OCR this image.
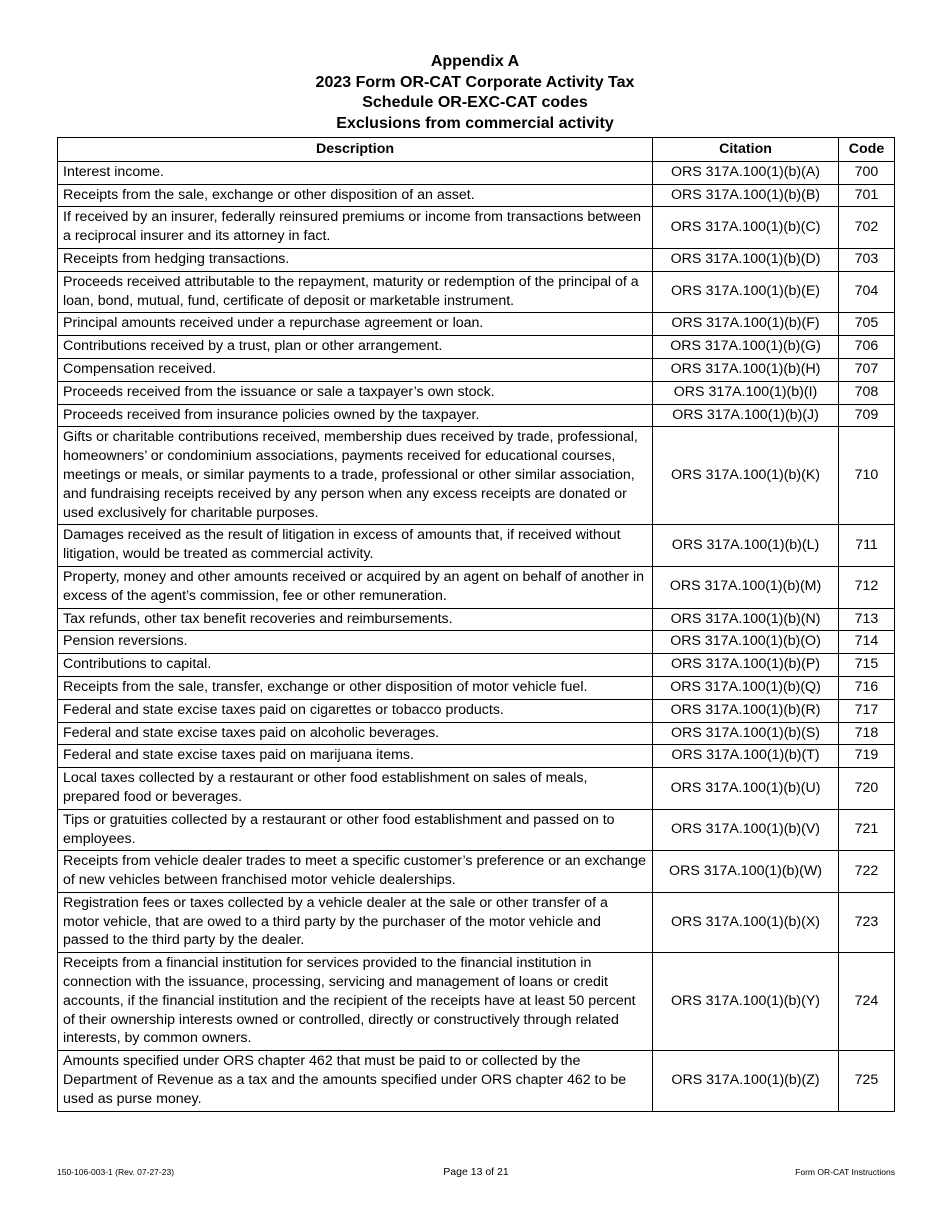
Appendix A
2023 Form OR-CAT Corporate Activity Tax
Schedule OR-EXC-CAT codes
Exclusions from commercial activity
Description	Citation	Code
Interest income.	ORS 317A.100(1)(b)(A)	700
Receipts from the sale, exchange or other disposition of an asset.	ORS 317A.100(1)(b)(B)	701
If received by an insurer, federally reinsured premiums or income from transactions between a reciprocal insurer and its attorney in fact.	ORS 317A.100(1)(b)(C)	702
Receipts from hedging transactions.	ORS 317A.100(1)(b)(D)	703
Proceeds received attributable to the repayment, maturity or redemption of the principal of a loan, bond, mutual, fund, certificate of deposit or marketable instrument.	ORS 317A.100(1)(b)(E)	704
Principal amounts received under a repurchase agreement or loan.	ORS 317A.100(1)(b)(F)	705
Contributions received by a trust, plan or other arrangement.	ORS 317A.100(1)(b)(G)	706
Compensation received.	ORS 317A.100(1)(b)(H)	707
Proceeds received from the issuance or sale a taxpayer’s own stock.	ORS 317A.100(1)(b)(I)	708
Proceeds received from insurance policies owned by the taxpayer.	ORS 317A.100(1)(b)(J)	709
Gifts or charitable contributions received, membership dues received by trade, professional, homeowners’ or condominium associations, payments received for educational courses, meetings or meals, or similar payments to a trade, professional or other similar association, and fundraising receipts received by any person when any excess receipts are donated or used exclusively for charitable purposes.	ORS 317A.100(1)(b)(K)	710
Damages received as the result of litigation in excess of amounts that, if received without litigation, would be treated as commercial activity.	ORS 317A.100(1)(b)(L)	711
Property, money and other amounts received or acquired by an agent on behalf of another in excess of the agent’s commission, fee or other remuneration.	ORS 317A.100(1)(b)(M)	712
Tax refunds, other tax benefit recoveries and reimbursements.	ORS 317A.100(1)(b)(N)	713
Pension reversions.	ORS 317A.100(1)(b)(O)	714
Contributions to capital.	ORS 317A.100(1)(b)(P)	715
Receipts from the sale, transfer, exchange or other disposition of motor vehicle fuel.	ORS 317A.100(1)(b)(Q)	716
Federal and state excise taxes paid on cigarettes or tobacco products.	ORS 317A.100(1)(b)(R)	717
Federal and state excise taxes paid on alcoholic beverages.	ORS 317A.100(1)(b)(S)	718
Federal and state excise taxes paid on marijuana items.	ORS 317A.100(1)(b)(T)	719
Local taxes collected by a restaurant or other food establishment on sales of meals, prepared food or beverages.	ORS 317A.100(1)(b)(U)	720
Tips or gratuities collected by a restaurant or other food establishment and passed on to employees.	ORS 317A.100(1)(b)(V)	721
Receipts from vehicle dealer trades to meet a specific customer’s preference or an exchange of new vehicles between franchised motor vehicle dealerships.	ORS 317A.100(1)(b)(W)	722
Registration fees or taxes collected by a vehicle dealer at the sale or other transfer of a motor vehicle, that are owed to a third party by the purchaser of the motor vehicle and passed to the third party by the dealer.	ORS 317A.100(1)(b)(X)	723
Receipts from a financial institution for services provided to the financial institution in connection with the issuance, processing, servicing and management of loans or credit accounts, if the financial institution and the recipient of the receipts have at least 50 percent of their ownership interests owned or controlled, directly or constructively through related interests, by common owners.	ORS 317A.100(1)(b)(Y)	724
Amounts specified under ORS chapter 462 that must be paid to or collected by the Department of Revenue as a tax and the amounts specified under ORS chapter 462 to be used as purse money.	ORS 317A.100(1)(b)(Z)	725
150-106-003-1 (Rev. 07-27-23)	Page 13 of 21	Form OR-CAT Instructions
